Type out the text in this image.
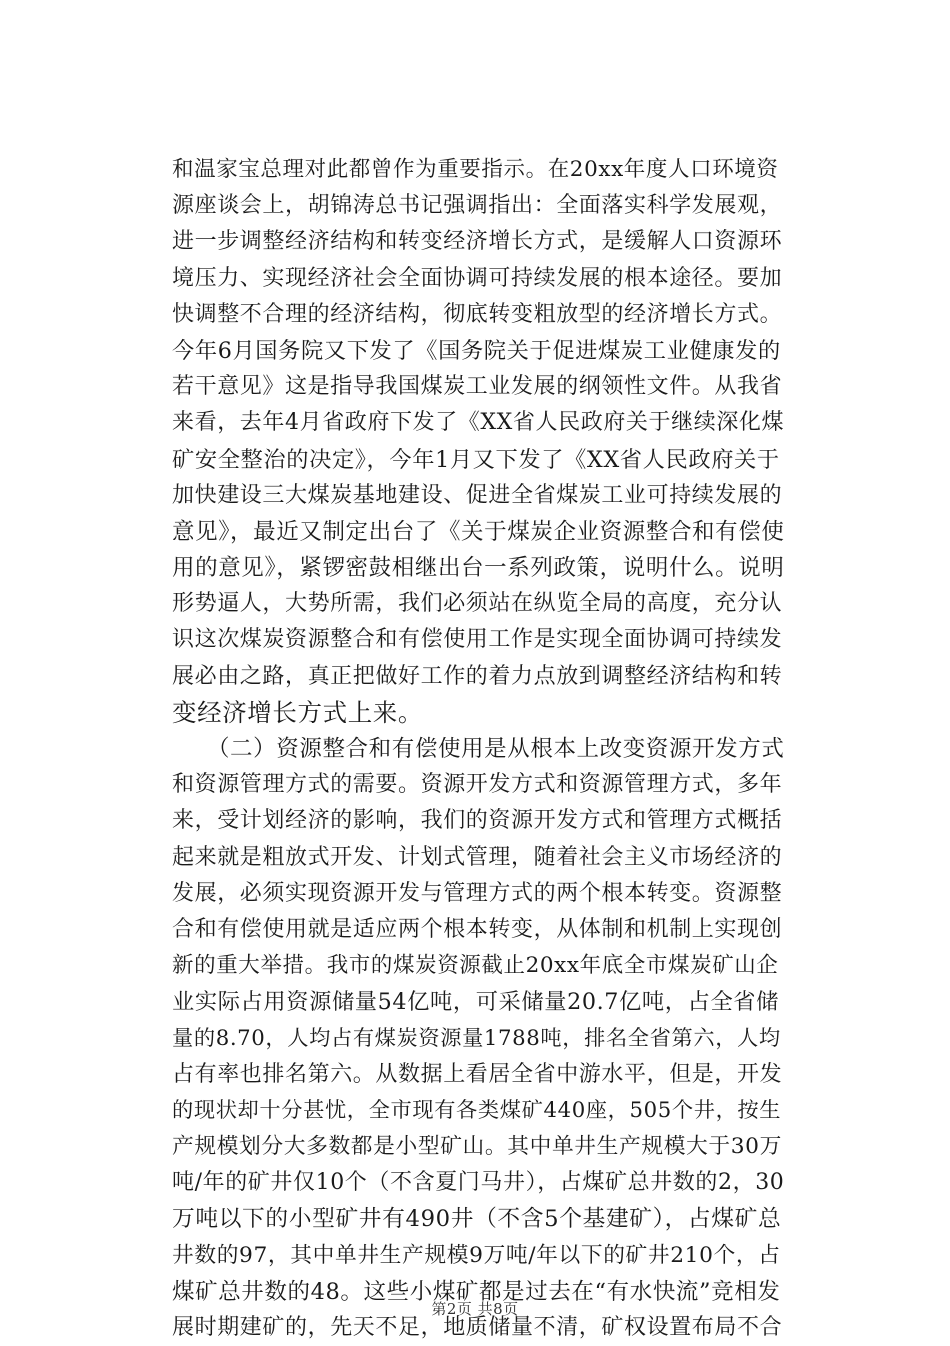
和温家宝总理对此都曾作为重要指示。在20xx年度人口环境资
源座谈会上，胡锦涛总书记强调指出：全面落实科学发展观，
进一步调整经济结构和转变经济增长方式，是缓解人口资源环
境压力、实现经济社会全面协调可持续发展的根本途径。要加
快调整不合理的经济结构，彻底转变粗放型的经济增长方式。
今年6月国务院又下发了《国务院关于促进煤炭工业健康发的
若干意见》这是指导我国煤炭工业发展的纲领性文件。从我省
来看，去年4月省政府下发了《XX省人民政府关于继续深化煤
矿安全整治的决定》，今年1月又下发了《XX省人民政府关于
加快建设三大煤炭基地建设、促进全省煤炭工业可持续发展的
意见》，最近又制定出台了《关于煤炭企业资源整合和有偿使
用的意见》，紧锣密鼓相继出台一系列政策，说明什么。说明
形势逼人，大势所需，我们必须站在纵览全局的高度，充分认
识这次煤炭资源整合和有偿使用工作是实现全面协调可持续发
展必由之路，真正把做好工作的着力点放到调整经济结构和转
变经济增长方式上来。
　　（二）资源整合和有偿使用是从根本上改变资源开发方式
和资源管理方式的需要。资源开发方式和资源管理方式，多年
来，受计划经济的影响，我们的资源开发方式和管理方式概括
起来就是粗放式开发、计划式管理，随着社会主义市场经济的
发展，必须实现资源开发与管理方式的两个根本转变。资源整
合和有偿使用就是适应两个根本转变，从体制和机制上实现创
新的重大举措。我市的煤炭资源截止20xx年底全市煤炭矿山企
业实际占用资源储量54亿吨，可采储量20.7亿吨，占全省储
量的8.70，人均占有煤炭资源量1788吨，排名全省第六，人均
占有率也排名第六。从数据上看居全省中游水平，但是，开发
的现状却十分甚忧，全市现有各类煤矿440座，505个井，按生
产规模划分大多数都是小型矿山。其中单井生产规模大于30万
吨/年的矿井仅10个（不含夏门马井），占煤矿总井数的2，30
万吨以下的小型矿井有490井（不含5个基建矿），占煤矿总
井数的97，其中单井生产规模9万吨/年以下的矿井210个，占
煤矿总井数的48。这些小煤矿都是过去在“有水快流”竞相发
展时期建矿的，先天不足，地质储量不清，矿权设置布局不合
第2页 共8页
